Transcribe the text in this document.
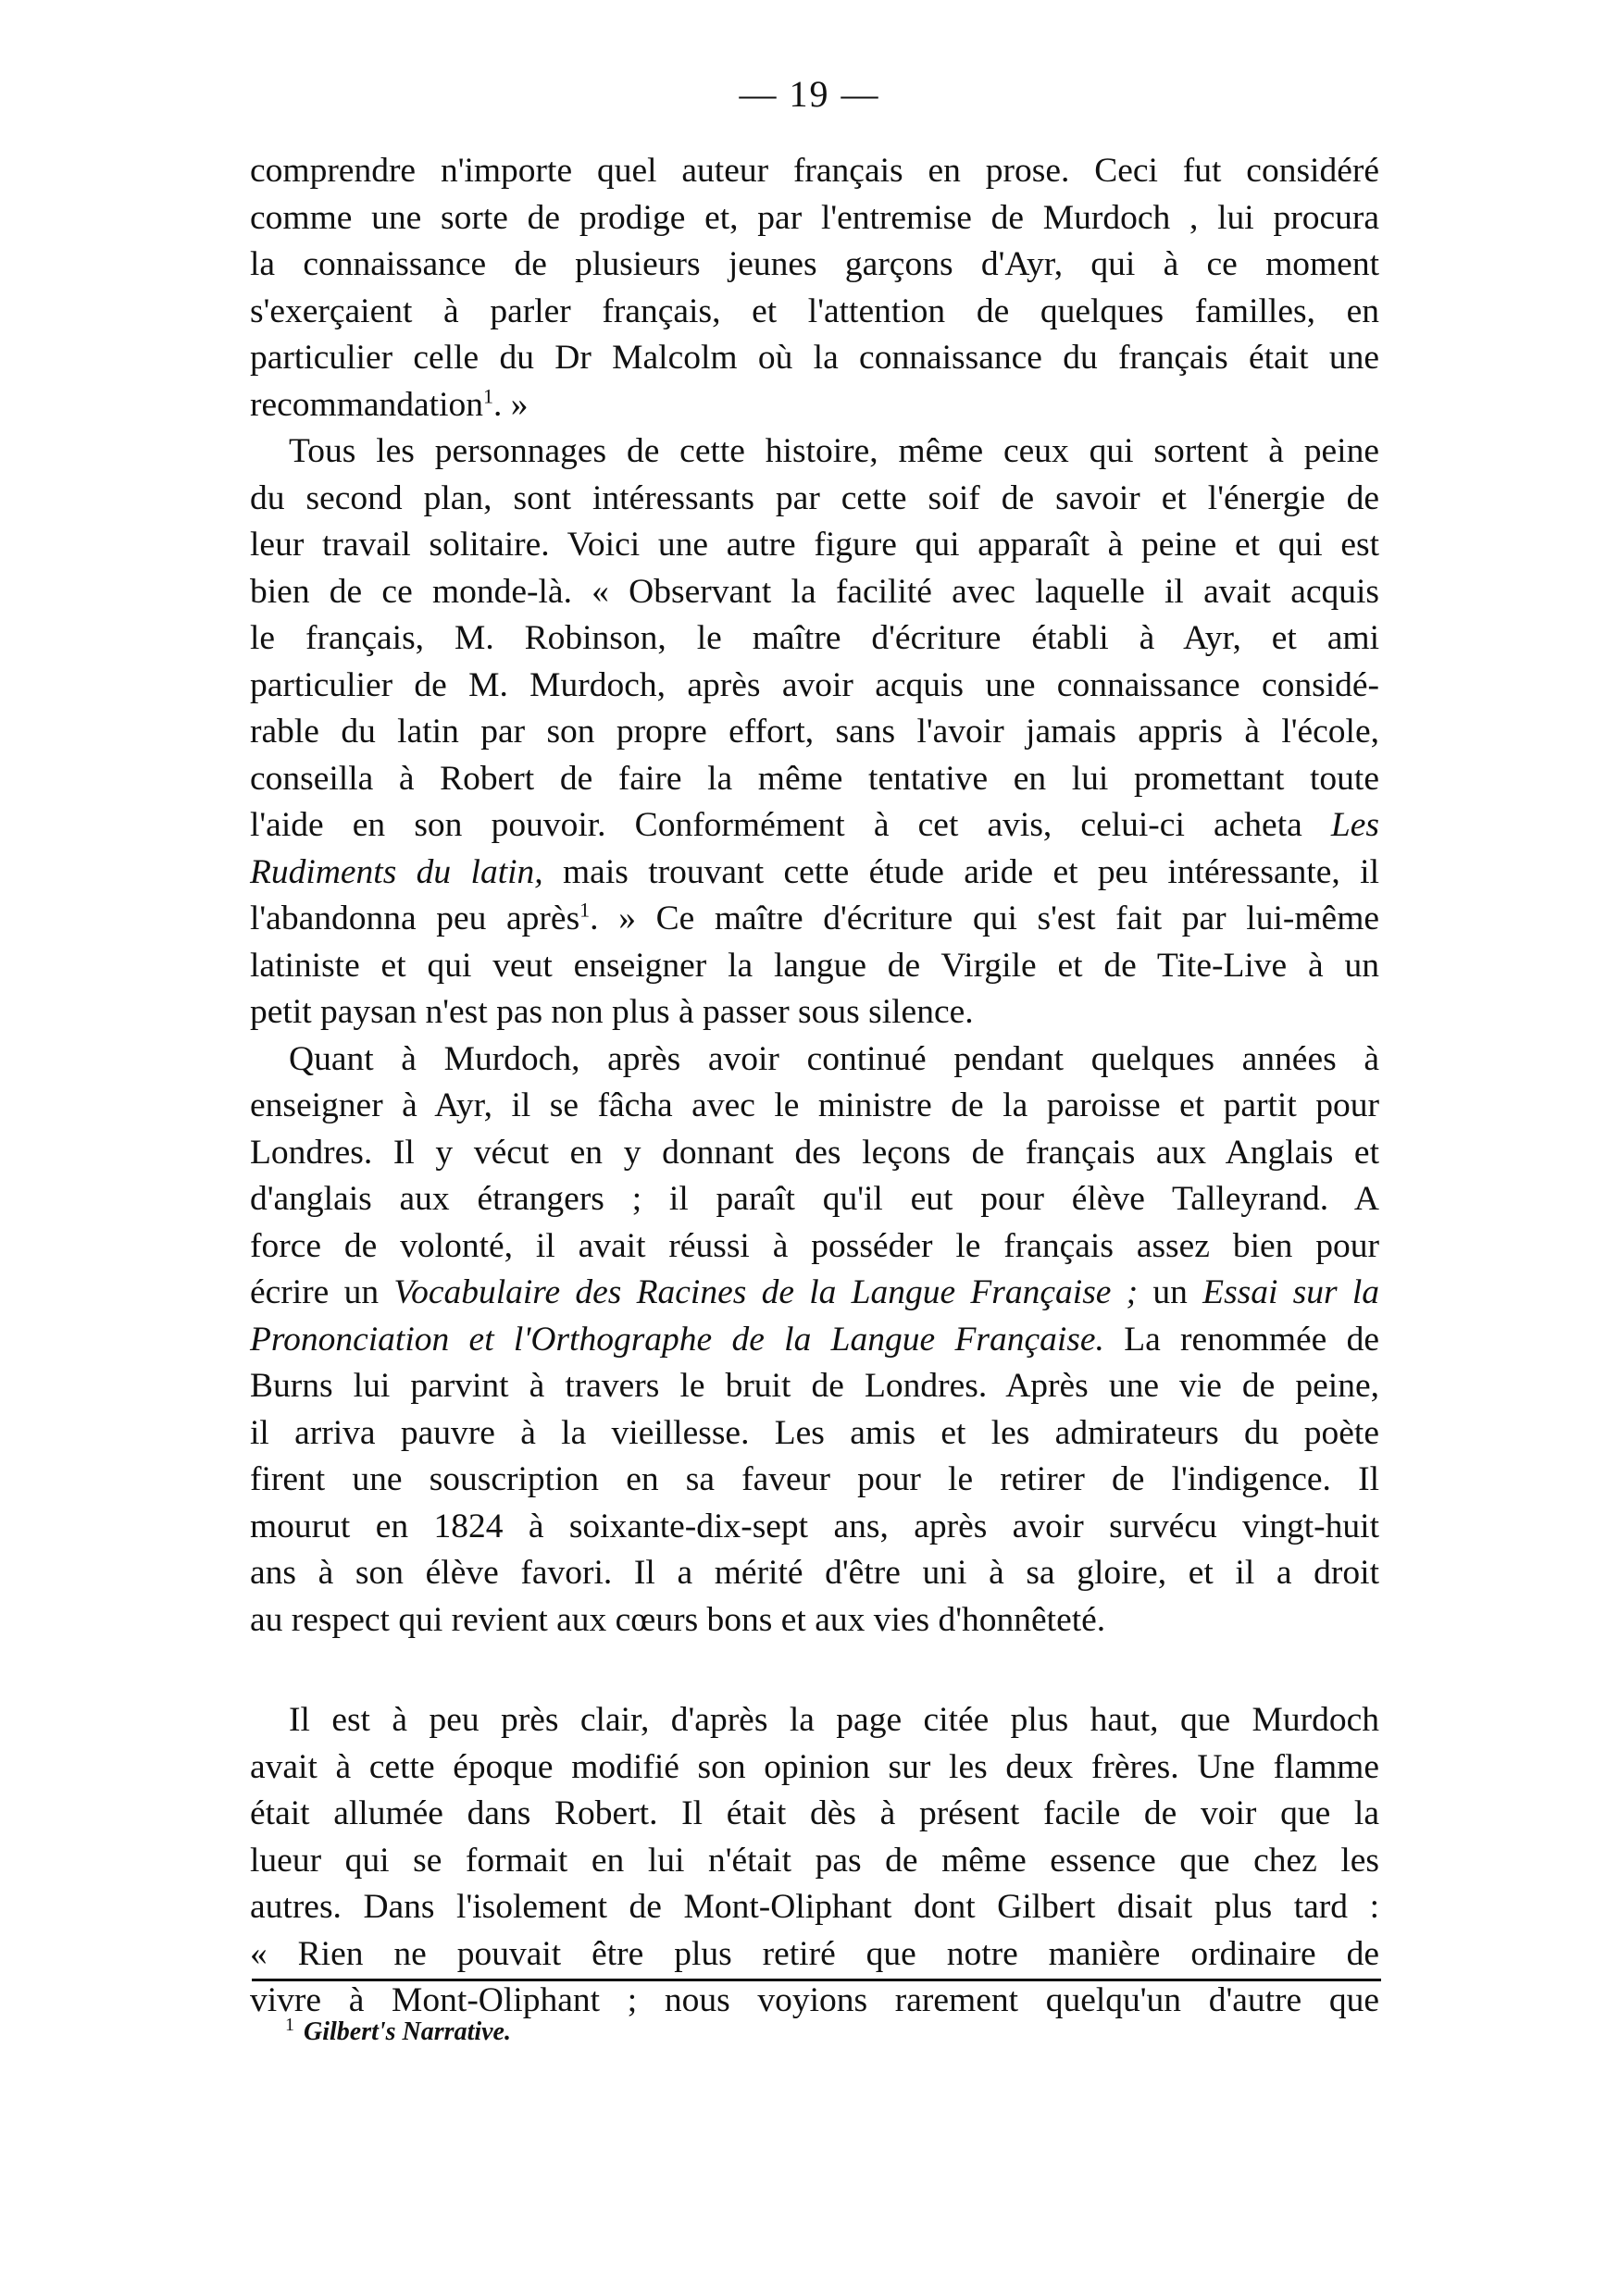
— 19 —
comprendre n'importe quel auteur français en prose. Ceci fut considéré
comme une sorte de prodige et, par l'entremise de Murdoch , lui procura
la connaissance de plusieurs jeunes garçons d'Ayr, qui à ce moment
s'exerçaient à parler français, et l'attention de quelques familles, en
particulier celle du Dr Malcolm où la connaissance du français était une
recommandation$^1$. »
Tous les personnages de cette histoire, même ceux qui sortent à peine
du second plan, sont intéressants par cette soif de savoir et l'énergie de
leur travail solitaire. Voici une autre figure qui apparaît à peine et qui est
bien de ce monde-là. « Observant la facilité avec laquelle il avait acquis
le français, M. Robinson, le maître d'écriture établi à Ayr, et ami
particulier de M. Murdoch, après avoir acquis une connaissance considé-
rable du latin par son propre effort, sans l'avoir jamais appris à l'école,
conseilla à Robert de faire la même tentative en lui promettant toute
l'aide en son pouvoir. Conformément à cet avis, celui-ci acheta Les
Rudiments du latin, mais trouvant cette étude aride et peu intéressante, il
l'abandonna peu après$^1$. » Ce maître d'écriture qui s'est fait par lui-même
latiniste et qui veut enseigner la langue de Virgile et de Tite-Live à un
petit paysan n'est pas non plus à passer sous silence.
Quant à Murdoch, après avoir continué pendant quelques années à
enseigner à Ayr, il se fâcha avec le ministre de la paroisse et partit pour
Londres. Il y vécut en y donnant des leçons de français aux Anglais et
d'anglais aux étrangers ; il paraît qu'il eut pour élève Talleyrand. A
force de volonté, il avait réussi à posséder le français assez bien pour
écrire un Vocabulaire des Racines de la Langue Française ; un Essai sur la
Prononciation et l'Orthographe de la Langue Française. La renommée de
Burns lui parvint à travers le bruit de Londres. Après une vie de peine,
il arriva pauvre à la vieillesse. Les amis et les admirateurs du poète
firent une souscription en sa faveur pour le retirer de l'indigence. Il
mourut en 1824 à soixante-dix-sept ans, après avoir survécu vingt-huit
ans à son élève favori. Il a mérité d'être uni à sa gloire, et il a droit
au respect qui revient aux cœurs bons et aux vies d'honnêteté.
Il est à peu près clair, d'après la page citée plus haut, que Murdoch
avait à cette époque modifié son opinion sur les deux frères. Une flamme
était allumée dans Robert. Il était dès à présent facile de voir que la
lueur qui se formait en lui n'était pas de même essence que chez les
autres. Dans l'isolement de Mont-Oliphant dont Gilbert disait plus tard :
« Rien ne pouvait être plus retiré que notre manière ordinaire de
vivre à Mont-Oliphant ; nous voyions rarement quelqu'un d'autre que
$^1$ Gilbert's Narrative.
